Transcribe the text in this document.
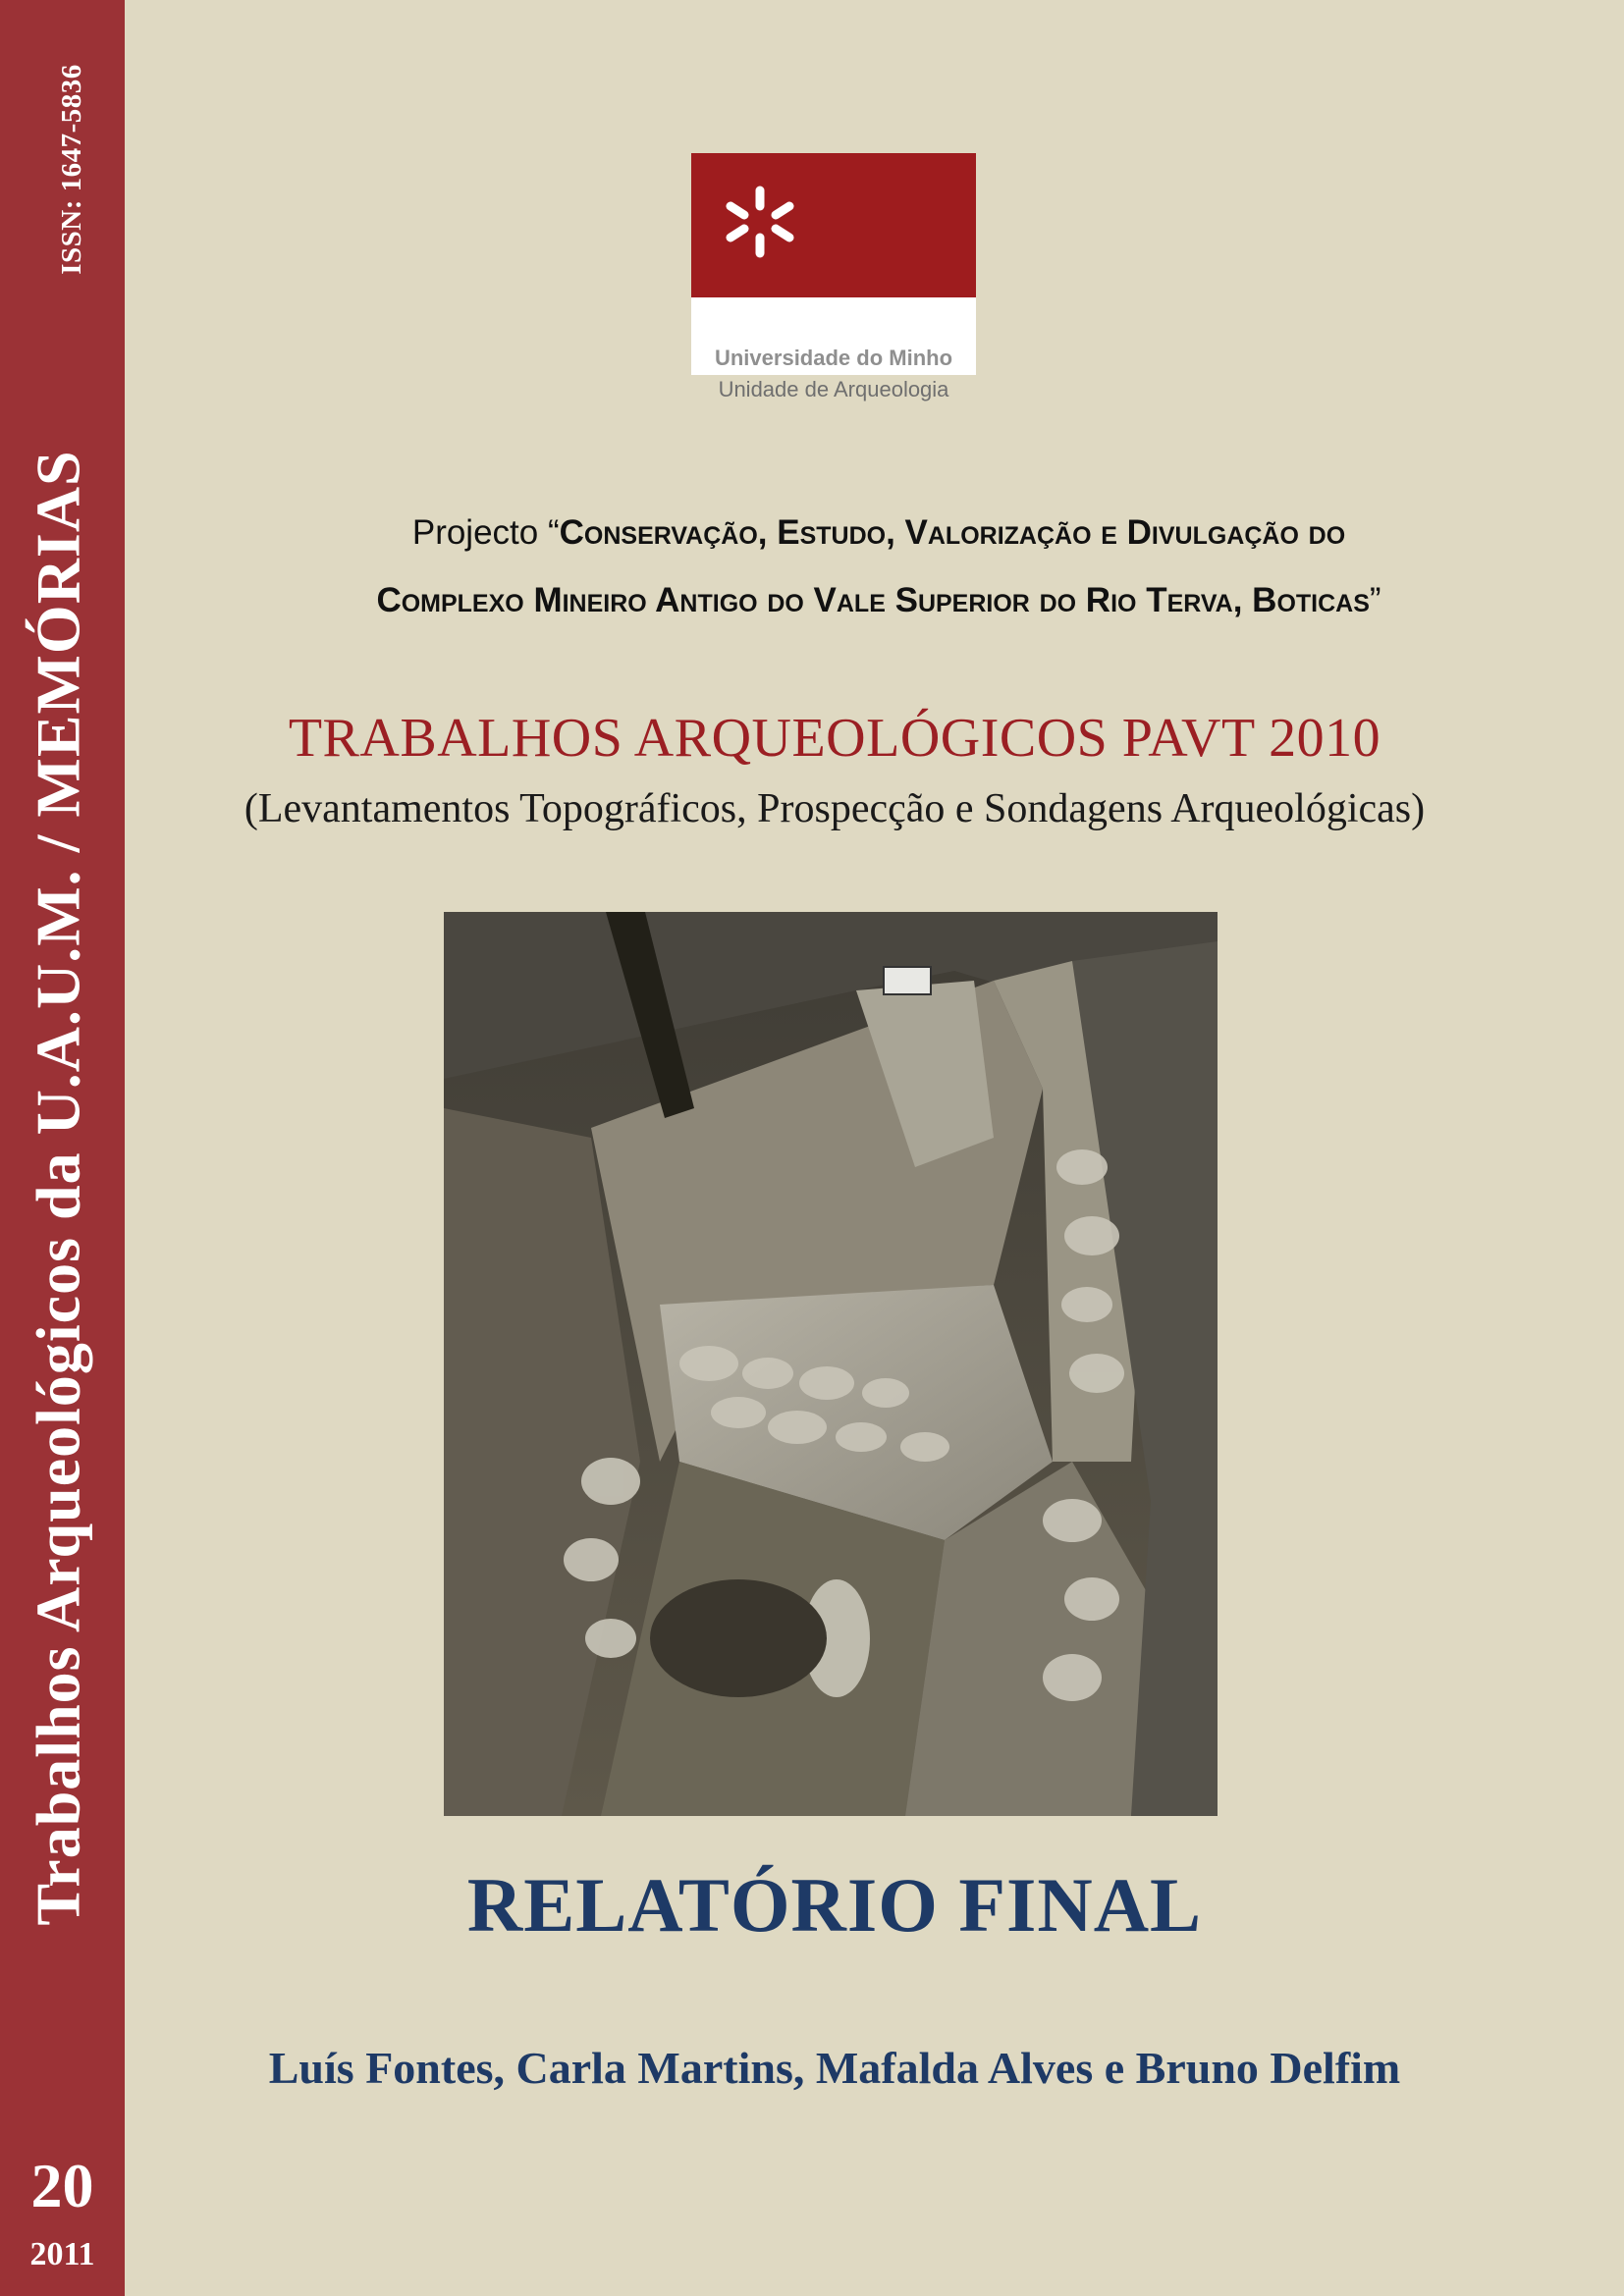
ISSN: 1647-5836
Trabalhos Arqueológicos da U.A.U.M. / MEMÓRIAS
20
2011
Universidade do Minho
Unidade de Arqueologia
Projecto “Conservação, Estudo, Valorização e Divulgação do
Complexo Mineiro Antigo do Vale Superior do Rio Terva, Boticas”
TRABALHOS ARQUEOLÓGICOS PAVT 2010
(Levantamentos Topográficos, Prospecção e Sondagens Arqueológicas)
RELATÓRIO FINAL
Luís Fontes, Carla Martins, Mafalda Alves e Bruno Delfim
